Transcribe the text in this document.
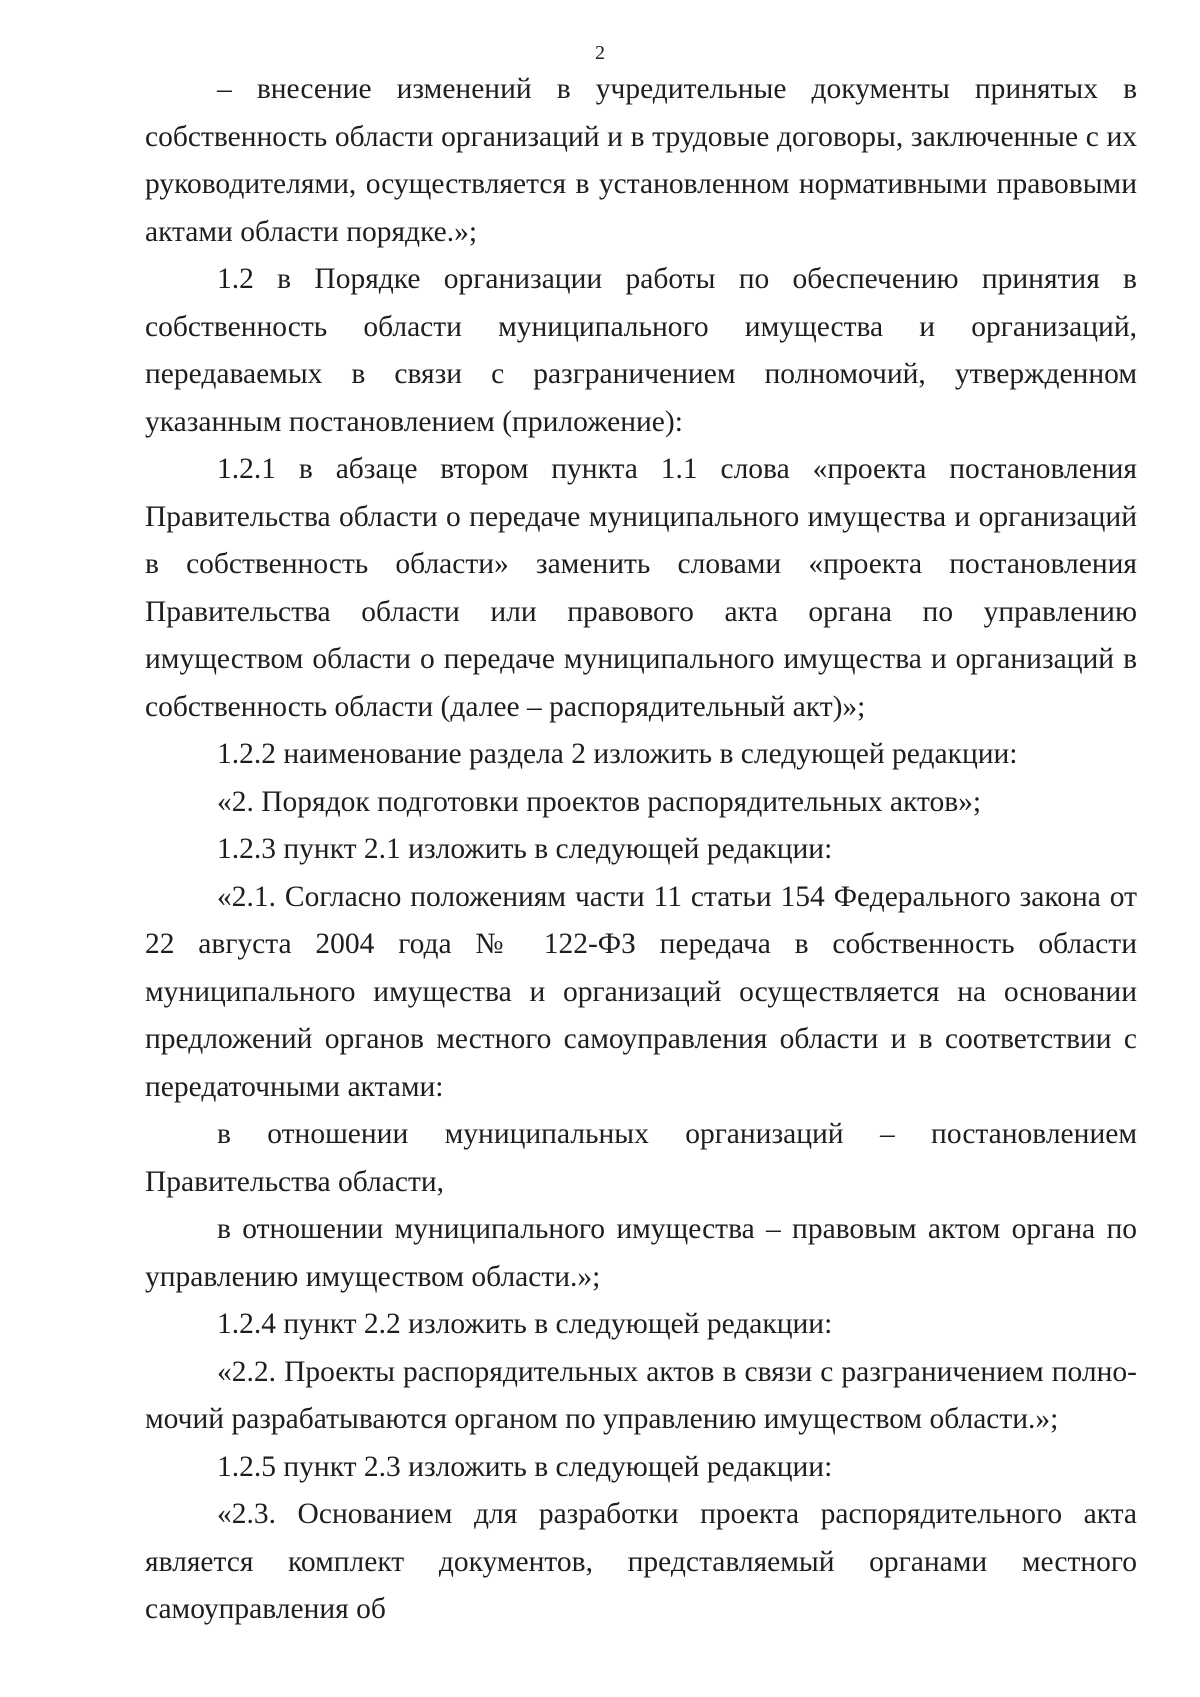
2

– внесение изменений в учредительные документы принятых в собственность области организаций и в трудовые договоры, заключенные с их руководителями, осуществляется в установленном нормативными правовыми актами области порядке.»;

1.2 в Порядке организации работы по обеспечению принятия в собственность области муниципального имущества и организаций, передаваемых в связи с разграничением полномочий, утвержденном указанным постановлением (приложение):

1.2.1 в абзаце втором пункта 1.1 слова «проекта постановления Правительства области о передаче муниципального имущества и организаций в собственность области» заменить словами «проекта постановления Правительства области или правового акта органа по управлению имуществом области о передаче муниципального имущества и организаций в собственность области (далее – распорядительный акт)»;

1.2.2 наименование раздела 2 изложить в следующей редакции:

«2. Порядок подготовки проектов распорядительных актов»;

1.2.3 пункт 2.1 изложить в следующей редакции:

«2.1. Согласно положениям части 11 статьи 154 Федерального закона от 22 августа 2004 года № 122-ФЗ передача в собственность области муниципального имущества и организаций осуществляется на основании предложений органов местного самоуправления области и в соответствии с передаточными актами:

в отношении муниципальных организаций – постановлением Правительства области,

в отношении муниципального имущества – правовым актом органа по управлению имуществом области.»;

1.2.4 пункт 2.2 изложить в следующей редакции:

«2.2. Проекты распорядительных актов в связи с разграничением полномочий разрабатываются органом по управлению имуществом области.»;

1.2.5 пункт 2.3 изложить в следующей редакции:

«2.3. Основанием для разработки проекта распорядительного акта является комплект документов, представляемый органами местного самоуправления об
